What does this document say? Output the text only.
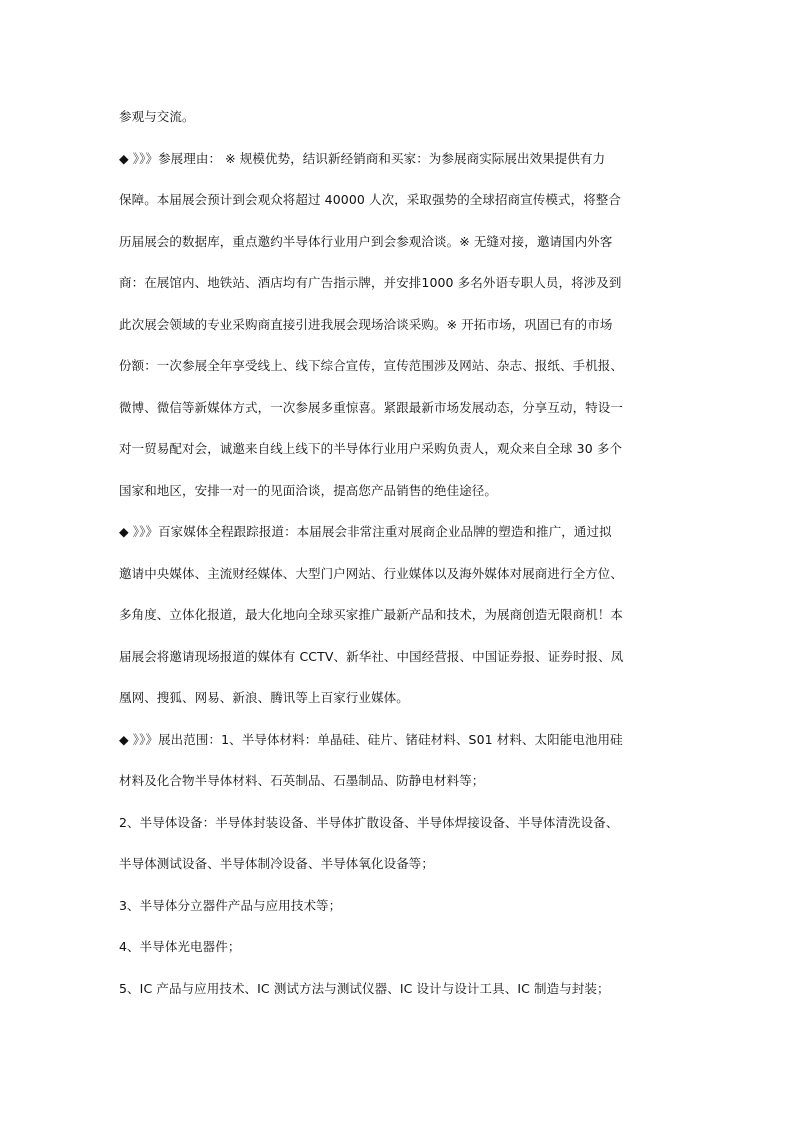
参观与交流。
◆ 》》》参展理由： ※ 规模优势，结识新经销商和买家：为参展商实际展出效果提供有力
保障。本届展会预计到会观众将超过 40000 人次，采取强势的全球招商宣传模式，将整合
历届展会的数据库，重点邀约半导体行业用户到会参观洽谈。※ 无缝对接，邀请国内外客
商：在展馆内、地铁站、酒店均有广告指示牌，并安排1000 多名外语专职人员，将涉及到
此次展会领域的专业采购商直接引进我展会现场洽谈采购。※ 开拓市场，巩固已有的市场
份额：一次参展全年享受线上、线下综合宣传，宣传范围涉及网站、杂志、报纸、手机报、
微博、微信等新媒体方式，一次参展多重惊喜。紧跟最新市场发展动态，分享互动，特设一
对一贸易配对会，诚邀来自线上线下的半导体行业用户采购负责人，观众来自全球 30 多个
国家和地区，安排一对一的见面洽谈，提高您产品销售的绝佳途径。
◆ 》》》百家媒体全程跟踪报道：本届展会非常注重对展商企业品牌的塑造和推广，通过拟
邀请中央媒体、主流财经媒体、大型门户网站、行业媒体以及海外媒体对展商进行全方位、
多角度、立体化报道，最大化地向全球买家推广最新产品和技术，为展商创造无限商机！本
届展会将邀请现场报道的媒体有 CCTV、新华社、中国经营报、中国证券报、证券时报、凤
凰网、搜狐、网易、新浪、腾讯等上百家行业媒体。
◆ 》》》展出范围：1、半导体材料：单晶硅、硅片、锗硅材料、S01 材料、太阳能电池用硅
材料及化合物半导体材料、石英制品、石墨制品、防静电材料等；
2、半导体设备：半导体封装设备、半导体扩散设备、半导体焊接设备、半导体清洗设备、
半导体测试设备、半导体制冷设备、半导体氧化设备等；
3、半导体分立器件产品与应用技术等；
4、半导体光电器件；
5、IC 产品与应用技术、IC 测试方法与测试仪器、IC 设计与设计工具、IC 制造与封装；
